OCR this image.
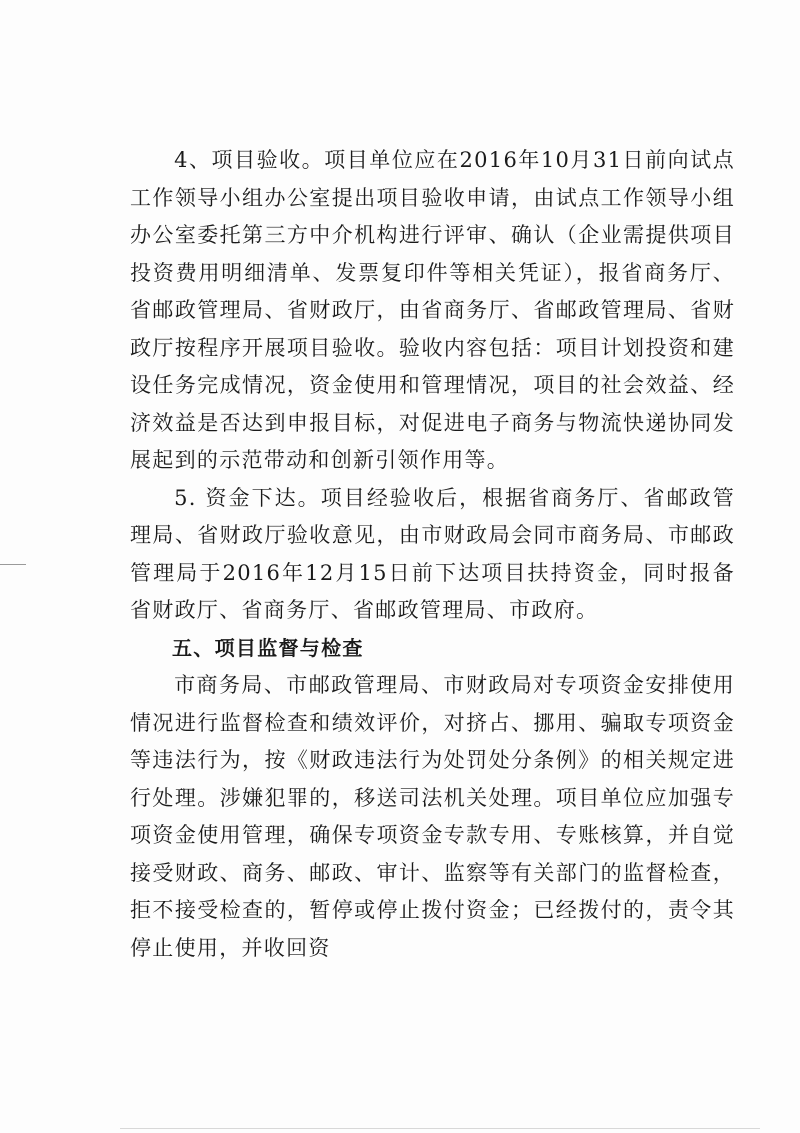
4、项目验收。项目单位应在2016年10月31日前向试点工作领导小组办公室提出项目验收申请，由试点工作领导小组办公室委托第三方中介机构进行评审、确认（企业需提供项目投资费用明细清单、发票复印件等相关凭证），报省商务厅、省邮政管理局、省财政厅，由省商务厅、省邮政管理局、省财政厅按程序开展项目验收。验收内容包括：项目计划投资和建设任务完成情况，资金使用和管理情况，项目的社会效益、经济效益是否达到申报目标，对促进电子商务与物流快递协同发展起到的示范带动和创新引领作用等。

5. 资金下达。项目经验收后，根据省商务厅、省邮政管理局、省财政厅验收意见，由市财政局会同市商务局、市邮政管理局于2016年12月15日前下达项目扶持资金，同时报备省财政厅、省商务厅、省邮政管理局、市政府。

五、项目监督与检查

市商务局、市邮政管理局、市财政局对专项资金安排使用情况进行监督检查和绩效评价，对挤占、挪用、骗取专项资金等违法行为，按《财政违法行为处罚处分条例》的相关规定进行处理。涉嫌犯罪的，移送司法机关处理。项目单位应加强专项资金使用管理，确保专项资金专款专用、专账核算，并自觉接受财政、商务、邮政、审计、监察等有关部门的监督检查，拒不接受检查的，暂停或停止拨付资金；已经拨付的，责令其停止使用，并收回资
